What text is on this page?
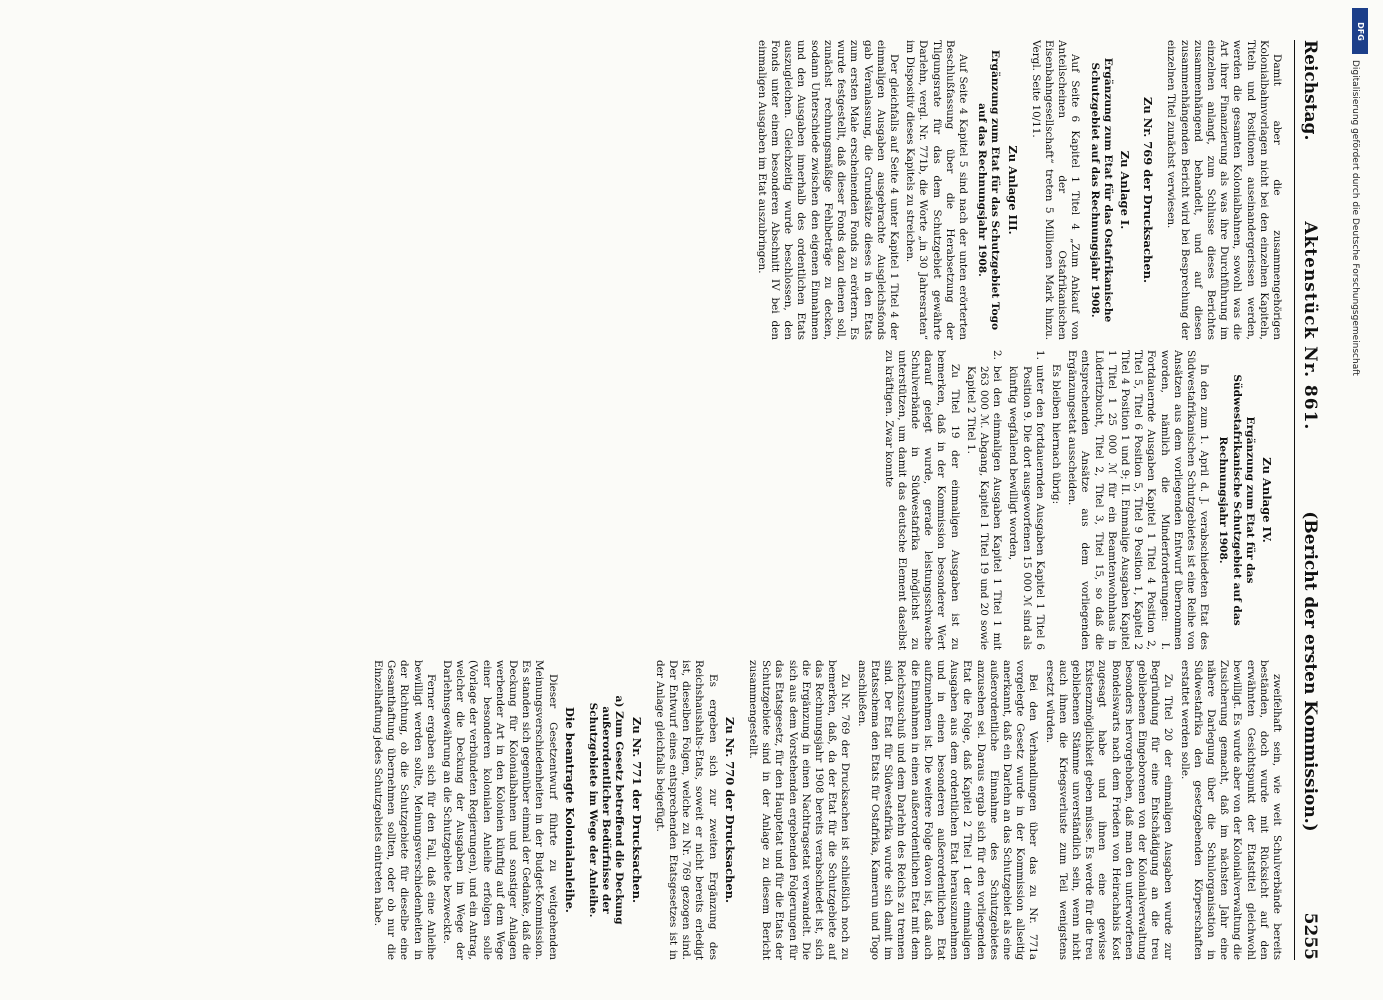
Reichstag.
Aktenstück Nr. 861.
(Bericht der ersten Kommission.)
5255

Damit aber die zusammengehörigen Kolonialbahnvorlagen nicht bei den einzelnen Kapiteln, Titeln und Positionen auseinandergerissen werden, werden die gesamten Kolonialbahnen, sowohl was die Art ihrer Finanzierung als was ihre Durchführung im einzelnen anlangt, zum Schlusse dieses Berichtes zusammenhängend behandelt, und auf diesen zusammenhängenden Bericht wird bei Besprechung der einzelnen Titel zunächst verwiesen.

Zu Nr. 769 der Drucksachen.

Zu Anlage I.

Ergänzung zum Etat für das Ostafrikanische Schutzgebiet auf das Rechnungsjahr 1908.

Auf Seite 6 Kapitel 1 Titel 4 „Zum Ankauf von Anteilscheinen der Ostafrikanischen Eisenbahngesellschaft“ treten 5 Millionen Mark hinzu. Vergl. Seite 10/11.

Zu Anlage III.

Ergänzung zum Etat für das Schutzgebiet Togo auf das Rechnungsjahr 1908.

Auf Seite 4 Kapitel 5 sind nach der unten erörterten Beschlußfassung über die Herabsetzung der Tilgungsrate für das dem Schutzgebiet gewährte Darlehn, vergl. Nr. 771b, die Worte „in 30 Jahresraten“ im Dispositiv dieses Kapitels zu streichen.

Der gleichfalls auf Seite 4 unter Kapitel 1 Titel 4 der einmaligen Ausgaben ausgebrachte Ausgleichsfonds gab Veranlassung, die Grundsätze dieses in den Etats zum ersten Male erscheinenden Fonds zu erörtern. Es wurde festgestellt, daß dieser Fonds dazu dienen soll, zunächst rechnungsmäßige Fehlbeträge zu decken, sodann Unterschiede zwischen den eigenen Einnahmen und den Ausgaben innerhalb des ordentlichen Etats auszugleichen. Gleichzeitig wurde beschlossen, den Fonds unter einem besonderen Abschnitt IV bei den einmaligen Ausgaben im Etat auszubringen.

Zu Anlage IV.

Ergänzung zum Etat für das Südwestafrikanische Schutzgebiet auf das Rechnungsjahr 1908.

In den zum 1. April d. J. verabschiedeten Etat des Südwestafrikanischen Schutzgebietes ist eine Reihe von Ansätzen aus dem vorliegenden Entwurf übernommen worden, nämlich die Minderforderungen: I. Fortdauernde Ausgaben Kapitel 1 Titel 4 Position 2, Titel 5, Titel 6 Position 5, Titel 9 Position 1, Kapitel 2 Titel 4 Position 1 und 9; II. Einmalige Ausgaben Kapitel 1 Titel 1 25 000 ℳ für ein Beamtenwohnhaus in Lüderitzbucht, Titel 2, Titel 3, Titel 15, so daß die entsprechenden Ansätze aus dem vorliegenden Ergänzungsetat ausscheiden.

Es bleiben hiernach übrig:

1. unter den fortdauernden Ausgaben Kapitel 1 Titel 6 Position 9. Die dort ausgeworfenen 15 000 ℳ sind als künftig wegfallend bewilligt worden,

2. bei den einmaligen Ausgaben Kapitel 1 Titel 1 mit 263 000 ℳ. Abgang, Kapitel 1 Titel 19 und 20 sowie Kapitel 2 Titel 1.

Zu Titel 19 der einmaligen Ausgaben ist zu bemerken, daß in der Kommission besonderer Wert darauf gelegt wurde, gerade leistungsschwache Schulverbände in Südwestafrika möglichst zu unterstützen, um damit das deutsche Element daselbst zu kräftigen. Zwar konnte

zweifelhaft sein, wie weit Schulverbände bereits beständen, doch wurde mit Rücksicht auf den erwähnten Gesichtspunkt der Etatstitel gleichwohl bewilligt. Es wurde aber von der Kolonialverwaltung die Zusicherung gemacht, daß im nächsten Jahr eine nähere Darlegung über die Schulorganisation in Südwestafrika den gesetzgebenden Körperschaften erstattet werden solle.

Zu Titel 20 der einmaligen Ausgaben wurde zur Begründung für eine Entschädigung an die treu gebliebenen Eingeborenen von der Kolonialverwaltung besonders hervorgehoben, daß man den unterworfenen Bondelswarts nach dem Frieden von Heirachabis Kost zugesagt habe und ihnen eine gewisse Existenzmöglichkeit geben müsse. Es werde für die treu gebliebenen Stämme unverständlich sein, wenn nicht auch ihnen die Kriegsverluste zum Teil wenigstens ersetzt würden.

Bei den Verhandlungen über das zu Nr. 771a vorgelegte Gesetz wurde in der Kommission allseitig anerkannt, daß ein Darlehn an das Schutzgebiet als eine außerordentliche Einnahme des Schutzgebietes anzusehen sei. Daraus ergab sich für den vorliegenden Etat die Folge, daß Kapitel 2 Titel 1 der einmaligen Ausgaben aus dem ordentlichen Etat herauszunehmen und in einen besonderen außerordentlichen Etat aufzunehmen ist. Die weitere Folge davon ist, daß auch die Einnahmen in einen außerordentlichen Etat mit dem Reichszuschuß und dem Darlehn des Reichs zu trennen sind. Der Etat für Südwestafrika wurde sich damit im Etatsschema den Etats für Ostafrika, Kamerun und Togo anschließen.

Zu Nr. 769 der Drucksachen ist schließlich noch zu bemerken, daß, da der Etat für die Schutzgebiete auf das Rechnungsjahr 1908 bereits verabschiedet ist, sich die Ergänzung in einen Nachtragsetat verwandelt. Die sich aus dem Vorstehenden ergebenden Folgerungen für das Etatsgesetz, für den Hauptetat und für die Etats der Schutzgebiete sind in der Anlage zu diesem Bericht zusammengestellt.

Zu Nr. 770 der Drucksachen.

Es ergeben sich zur zweiten Ergänzung des Reichshaushalts-Etats, soweit er nicht bereits erledigt ist, dieselben Folgen, welche zu Nr. 769 gezogen sind. Der Entwurf eines entsprechenden Etatsgesetzes ist in der Anlage gleichfalls beigefügt.

Zu Nr. 771 der Drucksachen.

a) Zum Gesetz betreffend die Deckung außerordentlicher Bedürfnisse der Schutzgebiete im Wege der Anleihe.

Die beantragte Kolonialanleihe.

Dieser Gesetzentwurf führte zu weitgehenden Meinungsverschiedenheiten in der Budget-Kommission. Es standen sich gegenüber einmal der Gedanke, daß die Deckung für Kolonialbahnen und sonstiger Anlagen werbender Art in den Kolonien künftig auf dem Wege einer besonderen kolonialen Anleihe erfolgen solle (Vorlage der verbündeten Regierungen), und ein Antrag, welcher die Deckung der Ausgaben im Wege der Darlehnsgewährung an die Schutzgebiete bezweckte.

Ferner ergaben sich für den Fall, daß eine Anleihe bewilligt werden sollte, Meinungsverschiedenheiten in der Richtung, ob die Schutzgebiete für dieselbe eine Gesamthaftung übernehmen sollten, oder ob nur die Einzelhaftung jedes Schutzgebiets eintreten habe.

DFG
Digitalisierung gefördert durch die Deutsche Forschungsgemeinschaft
